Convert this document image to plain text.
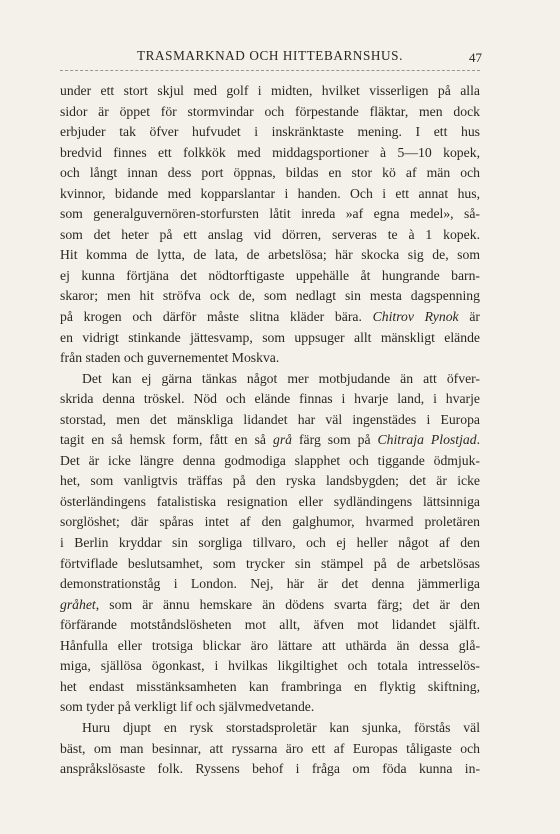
TRASMARKNAD OCH HITTEBARNSHUS.	47
under ett stort skjul med golf i midten, hvilket visserligen på alla
sidor är öppet för stormvindar och förpestande fläktar, men dock
erbjuder tak öfver hufvudet i inskränktaste mening. I ett hus
bredvid finnes ett folkkök med middagsportioner à 5—10 kopek,
och långt innan dess port öppnas, bildas en stor kö af män och
kvinnor, bidande med kopparslantar i handen. Och i ett annat hus,
som generalguvernören-storfursten låtit inreda »af egna medel», så-
som det heter på ett anslag vid dörren, serveras te à 1 kopek.
Hit komma de lytta, de lata, de arbetslösa; här skocka sig de, som
ej kunna förtjäna det nödtorftigaste uppehälle åt hungrande barn-
skaror; men hit ströfva ock de, som nedlagt sin mesta dagspenning
på krogen och därför måste slitna kläder bära. Chitrov Rynok är
en vidrigt stinkande jättesvamp, som uppsuger allt mänskligt elände
från staden och guvernementet Moskva.
Det kan ej gärna tänkas något mer motbjudande än att öfver-
skrida denna tröskel. Nöd och elände finnas i hvarje land, i hvarje
storstad, men det mänskliga lidandet har väl ingenstädes i Europa
tagit en så hemsk form, fått en så grå färg som på Chitraja Plostjad.
Det är icke längre denna godmodiga slapphet och tiggande ödmjuk-
het, som vanligtvis träffas på den ryska landsbygden; det är icke
österländingens fatalistiska resignation eller sydländingens lättsinniga
sorglöshet; där spåras intet af den galghumor, hvarmed proletären
i Berlin kryddar sin sorgliga tillvaro, och ej heller något af den
förtviflade beslutsamhet, som trycker sin stämpel på de arbetslösas
demonstrationståg i London. Nej, här är det denna jämmerliga
gråhet, som är ännu hemskare än dödens svarta färg; det är den
förfärande motståndslösheten mot allt, äfven mot lidandet själft.
Hånfulla eller trotsiga blickar äro lättare att uthärda än dessa glå-
miga, själlösa ögonkast, i hvilkas likgiltighet och totala intresselös-
het endast misstänksamheten kan frambringa en flyktig skiftning,
som tyder på verkligt lif och självmedvetande.
Huru djupt en rysk storstadsproletär kan sjunka, förstås väl
bäst, om man besinnar, att ryssarna äro ett af Europas tåligaste och
anspråkslösaste folk. Ryssens behof i fråga om föda kunna in-
